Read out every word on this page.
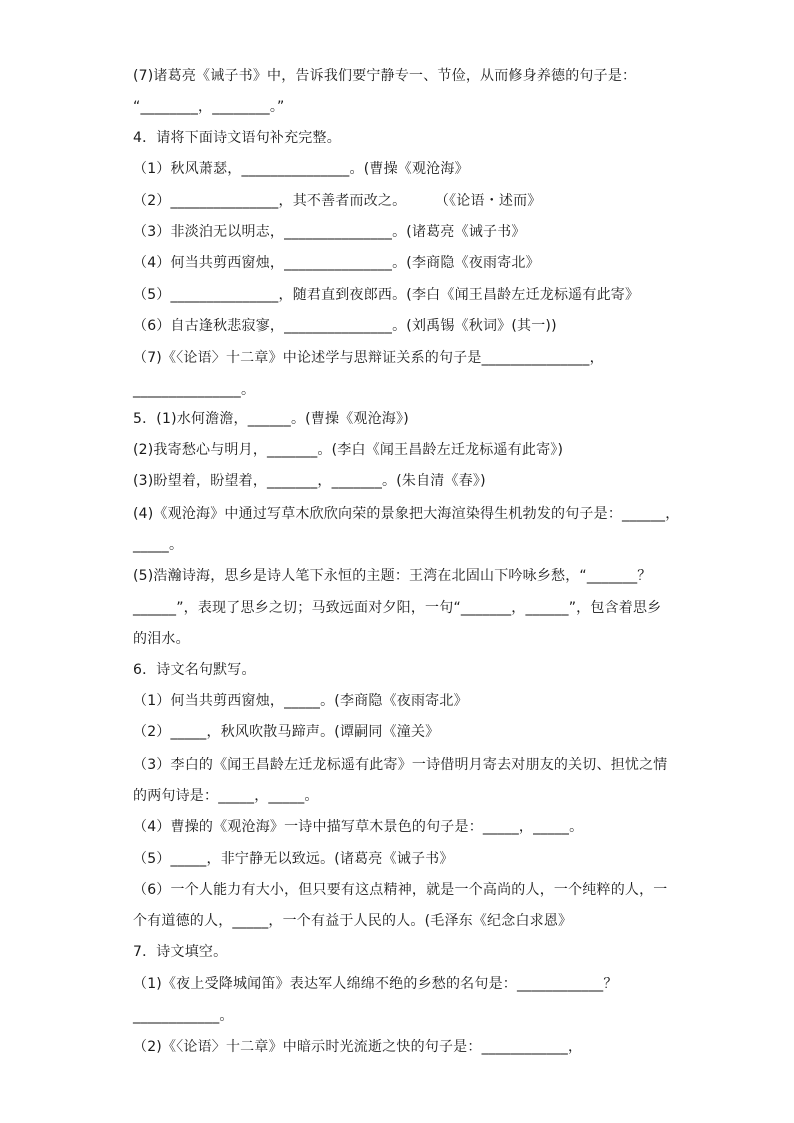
(7)诸葛亮《诫子书》中，告诉我们要宁静专一、节俭，从而修身养德的句子是：
“________，________。”
4．请将下面诗文语句补充完整。
（1）秋风萧瑟，_______________。(曹操《观沧海》
（2）_______________，其不善者而改之。　　　（《论语・述而》
（3）非淡泊无以明志，_______________。(诸葛亮《诫子书》
（4）何当共剪西窗烛，_______________。(李商隐《夜雨寄北》
（5）_______________，随君直到夜郎西。(李白《闻王昌龄左迁龙标遥有此寄》
（6）自古逢秋悲寂寥，_______________。(刘禹锡《秋词》(其一))
（7)《〈论语〉十二章》中论述学与思辩证关系的句子是_______________，
_______________。
5．(1)水何澹澹，______。(曹操《观沧海》)
(2)我寄愁心与明月，_______。(李白《闻王昌龄左迁龙标遥有此寄》)
(3)盼望着，盼望着，_______，_______。(朱自清《春》)
(4)《观沧海》中通过写草木欣欣向荣的景象把大海渲染得生机勃发的句子是：______，
_____。
(5)浩瀚诗海，思乡是诗人笔下永恒的主题：王湾在北固山下吟咏乡愁，“_______？
______”，表现了思乡之切；马致远面对夕阳，一句“_______，______”，包含着思乡
的泪水。
6．诗文名句默写。
（1）何当共剪西窗烛，_____。(李商隐《夜雨寄北》
（2）_____，秋风吹散马蹄声。(谭嗣同《潼关》
（3）李白的《闻王昌龄左迁龙标遥有此寄》一诗借明月寄去对朋友的关切、担忧之情
的两句诗是：_____，_____。
（4）曹操的《观沧海》一诗中描写草木景色的句子是：_____，_____。
（5）_____，非宁静无以致远。(诸葛亮《诫子书》
（6）一个人能力有大小，但只要有这点精神，就是一个高尚的人，一个纯粹的人，一
个有道德的人，_____，一个有益于人民的人。(毛泽东《纪念白求恩》
7．诗文填空。
（1)《夜上受降城闻笛》表达军人绵绵不绝的乡愁的名句是：____________？
____________。
（2)《〈论语〉十二章》中暗示时光流逝之快的句子是：____________，
